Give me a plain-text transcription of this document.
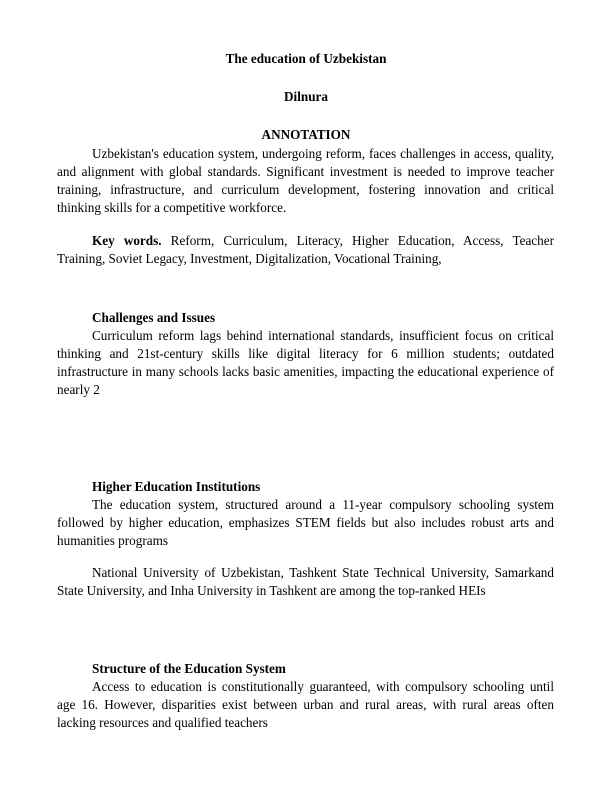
The education of Uzbekistan
Dilnura
ANNOTATION

Uzbekistan's education system, undergoing reform, faces challenges in access, quality, and alignment with global standards. Significant investment is needed to improve teacher training, infrastructure, and curriculum development, fostering innovation and critical thinking skills for a competitive workforce.

Key words. Reform, Curriculum, Literacy, Higher Education, Access, Teacher Training, Soviet Legacy, Investment, Digitalization, Vocational Training,

Challenges and Issues

Curriculum reform lags behind international standards, insufficient focus on critical thinking and 21st-century skills like digital literacy for 6 million students; outdated infrastructure in many schools lacks basic amenities, impacting the educational experience of nearly 2

Higher Education Institutions

The education system, structured around a 11-year compulsory schooling system followed by higher education, emphasizes STEM fields but also includes robust arts and humanities programs

National University of Uzbekistan, Tashkent State Technical University, Samarkand State University, and Inha University in Tashkent are among the top-ranked HEIs

Structure of the Education System

Access to education is constitutionally guaranteed, with compulsory schooling until age 16. However, disparities exist between urban and rural areas, with rural areas often lacking resources and qualified teachers
